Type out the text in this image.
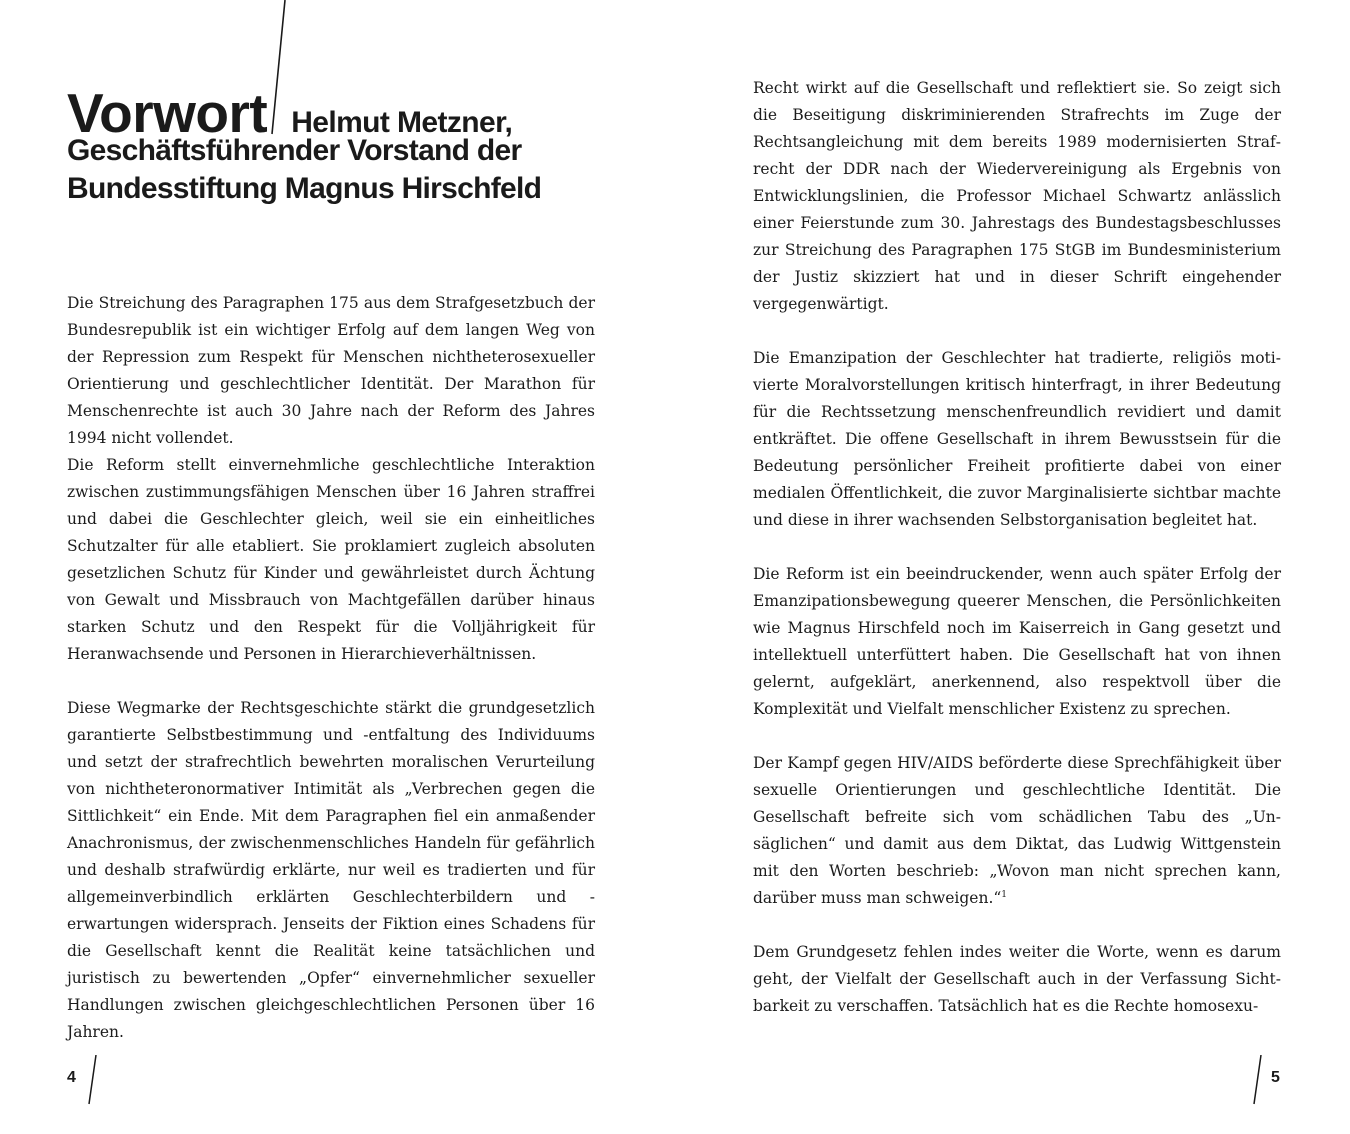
Vorwort Helmut Metzner,
Geschäftsführender Vorstand der
Bundesstiftung Magnus Hirschfeld

Die Streichung des Paragraphen 175 aus dem Strafgesetzbuch der Bundesrepublik ist ein wichtiger Erfolg auf dem langen Weg von der Repression zum Respekt für Menschen nichtheterosexueller Orientierung und geschlechtlicher Identität. Der Marathon für Menschenrechte ist auch 30 Jahre nach der Reform des Jahres 1994 nicht vollendet.

Die Reform stellt einvernehmliche geschlechtliche Interaktion zwischen zustimmungsfähigen Menschen über 16 Jahren straffrei und dabei die Geschlechter gleich, weil sie ein einheitliches Schutzalter für alle etabliert. Sie proklamiert zugleich absoluten gesetzlichen Schutz für Kinder und gewährleistet durch Ächtung von Gewalt und Missbrauch von Machtgefällen darüber hinaus starken Schutz und den Respekt für die Volljährigkeit für Heranwachsende und Personen in Hierarchieverhältnissen.

Diese Wegmarke der Rechtsgeschichte stärkt die grundgesetzlich garantierte Selbstbestimmung und -entfaltung des Individuums und setzt der strafrechtlich bewehrten moralischen Verurteilung von nichtheteronormativer Intimität als „Verbrechen gegen die Sittlichkeit“ ein Ende. Mit dem Paragraphen fiel ein anmaßender Anachronismus, der zwischenmenschliches Handeln für gefährlich und deshalb strafwürdig erklärte, nur weil es tradierten und für allgemeinverbindlich erklärten Geschlechterbildern und -erwartungen widersprach. Jenseits der Fiktion eines Schadens für die Gesellschaft kennt die Realität keine tatsächlichen und juristisch zu bewertenden „Opfer“ einvernehmlicher sexueller Handlungen zwischen gleichgeschlechtlichen Personen über 16 Jahren.

4

Recht wirkt auf die Gesellschaft und reflektiert sie. So zeigt sich die Beseitigung diskriminierenden Strafrechts im Zuge der Rechtsangleichung mit dem bereits 1989 modernisierten Strafrecht der DDR nach der Wiedervereinigung als Ergebnis von Entwicklungslinien, die Professor Michael Schwartz anlässlich einer Feierstunde zum 30. Jahrestags des Bundestagsbeschlusses zur Streichung des Paragraphen 175 StGB im Bundesministerium der Justiz skizziert hat und in dieser Schrift eingehender vergegenwärtigt.

Die Emanzipation der Geschlechter hat tradierte, religiös motivierte Moralvorstellungen kritisch hinterfragt, in ihrer Bedeutung für die Rechtssetzung menschenfreundlich revidiert und damit entkräftet. Die offene Gesellschaft in ihrem Bewusstsein für die Bedeutung persönlicher Freiheit profitierte dabei von einer medialen Öffentlichkeit, die zuvor Marginalisierte sichtbar machte und diese in ihrer wachsenden Selbstorganisation begleitet hat.

Die Reform ist ein beeindruckender, wenn auch später Erfolg der Emanzipationsbewegung queerer Menschen, die Persönlichkeiten wie Magnus Hirschfeld noch im Kaiserreich in Gang gesetzt und intellektuell unterfüttert haben. Die Gesellschaft hat von ihnen gelernt, aufgeklärt, anerkennend, also respektvoll über die Komplexität und Vielfalt menschlicher Existenz zu sprechen.

Der Kampf gegen HIV/AIDS beförderte diese Sprechfähigkeit über sexuelle Orientierungen und geschlechtliche Identität. Die Gesellschaft befreite sich vom schädlichen Tabu des „Unsäglichen“ und damit aus dem Diktat, das Ludwig Wittgenstein mit den Worten beschrieb: „Wovon man nicht sprechen kann, darüber muss man schweigen.“$^1$

Dem Grundgesetz fehlen indes weiter die Worte, wenn es darum geht, der Vielfalt der Gesellschaft auch in der Verfassung Sichtbarkeit zu verschaffen. Tatsächlich hat es die Rechte homosexu-

5
